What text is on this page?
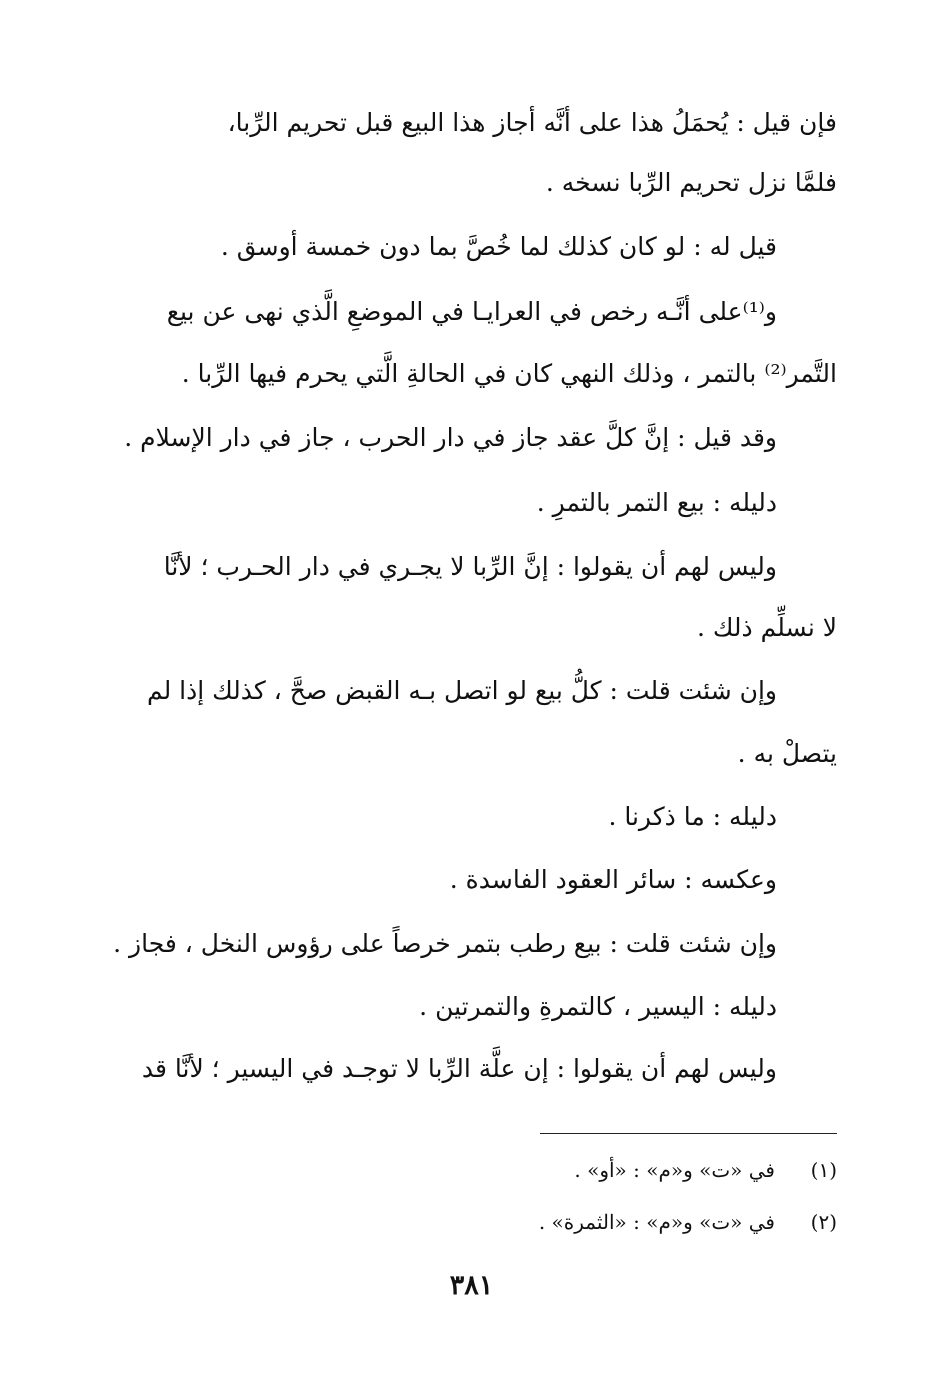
فإن قيل : يُحمَلُ هذا على أنَّه أجاز هذا البيع قبل تحريم الرِّبا،
فلمَّا نزل تحريم الرِّبا نسخه .
قيل له : لو كان كذلك لما خُصَّ بما دون خمسة أوسق .
و⁽¹⁾على أنَّـه رخص في العرايـا في الموضعِ الَّذي نهى عن بيع
التَّمر⁽²⁾ بالتمر ، وذلك النهي كان في الحالةِ الَّتي يحرم فيها الرِّبا .
وقد قيل : إنَّ كلَّ عقد جاز في دار الحرب ، جاز في دار الإسلام .
دليله : بيع التمر بالتمرِ .
وليس لهم أن يقولوا : إنَّ الرِّبا لا يجـري في دار الحـرب ؛ لأنَّا
لا نسلِّم ذلك .
وإن شئت قلت : كلُّ بيع لو اتصل بـه القبض صحَّ ، كذلك إذا لم
يتصلْ به .
دليله : ما ذكرنا .
وعكسه : سائر العقود الفاسدة .
وإن شئت قلت : بيع رطب بتمر خرصاً على رؤوس النخل ، فجاز .
دليله : اليسير ، كالتمرةِ والتمرتين .
وليس لهم أن يقولوا : إن علَّة الرِّبا لا توجـد في اليسير ؛ لأنَّا قد
(١)
في «ت» و«م» : «أو» .
(٢)
في «ت» و«م» : «الثمرة» .
٣٨١
